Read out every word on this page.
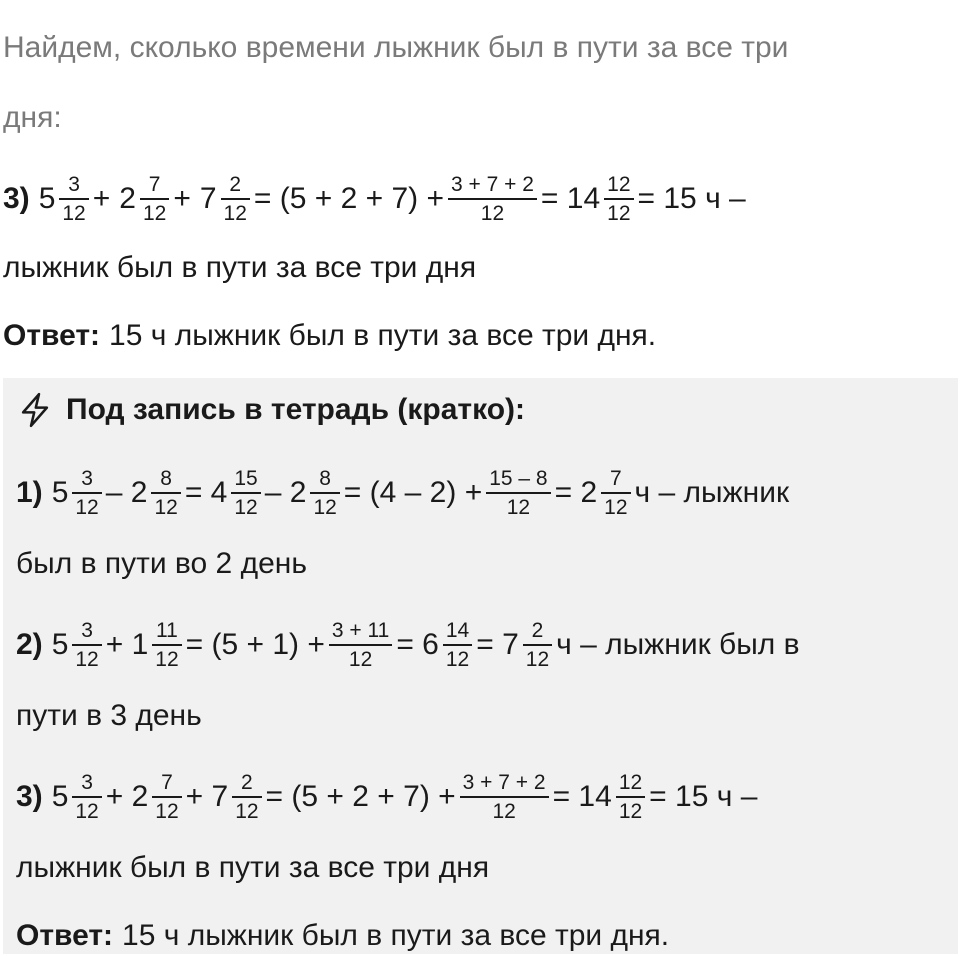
Найдем, сколько времени лыжник был в пути за все три
дня:
3) $5 \frac{3}{12} + 2 \frac{7}{12} + 7 \frac{2}{12} = (5 + 2 + 7) + \frac{3 + 7 + 2}{12} = 14 \frac{12}{12} = 15$ ч –
лыжник был в пути за все три дня
Ответ: 15 ч лыжник был в пути за все три дня.
Под запись в тетрадь (кратко):
1) $5 \frac{3}{12} - 2 \frac{8}{12} = 4 \frac{15}{12} - 2 \frac{8}{12} = (4 - 2) + \frac{15 - 8}{12} = 2 \frac{7}{12}$ ч – лыжник
был в пути во 2 день
2) $5 \frac{3}{12} + 1 \frac{11}{12} = (5 + 1) + \frac{3 + 11}{12} = 6 \frac{14}{12} = 7 \frac{2}{12}$ ч – лыжник был в
пути в 3 день
3) $5 \frac{3}{12} + 2 \frac{7}{12} + 7 \frac{2}{12} = (5 + 2 + 7) + \frac{3 + 7 + 2}{12} = 14 \frac{12}{12} = 15$ ч –
лыжник был в пути за все три дня
Ответ: 15 ч лыжник был в пути за все три дня.
